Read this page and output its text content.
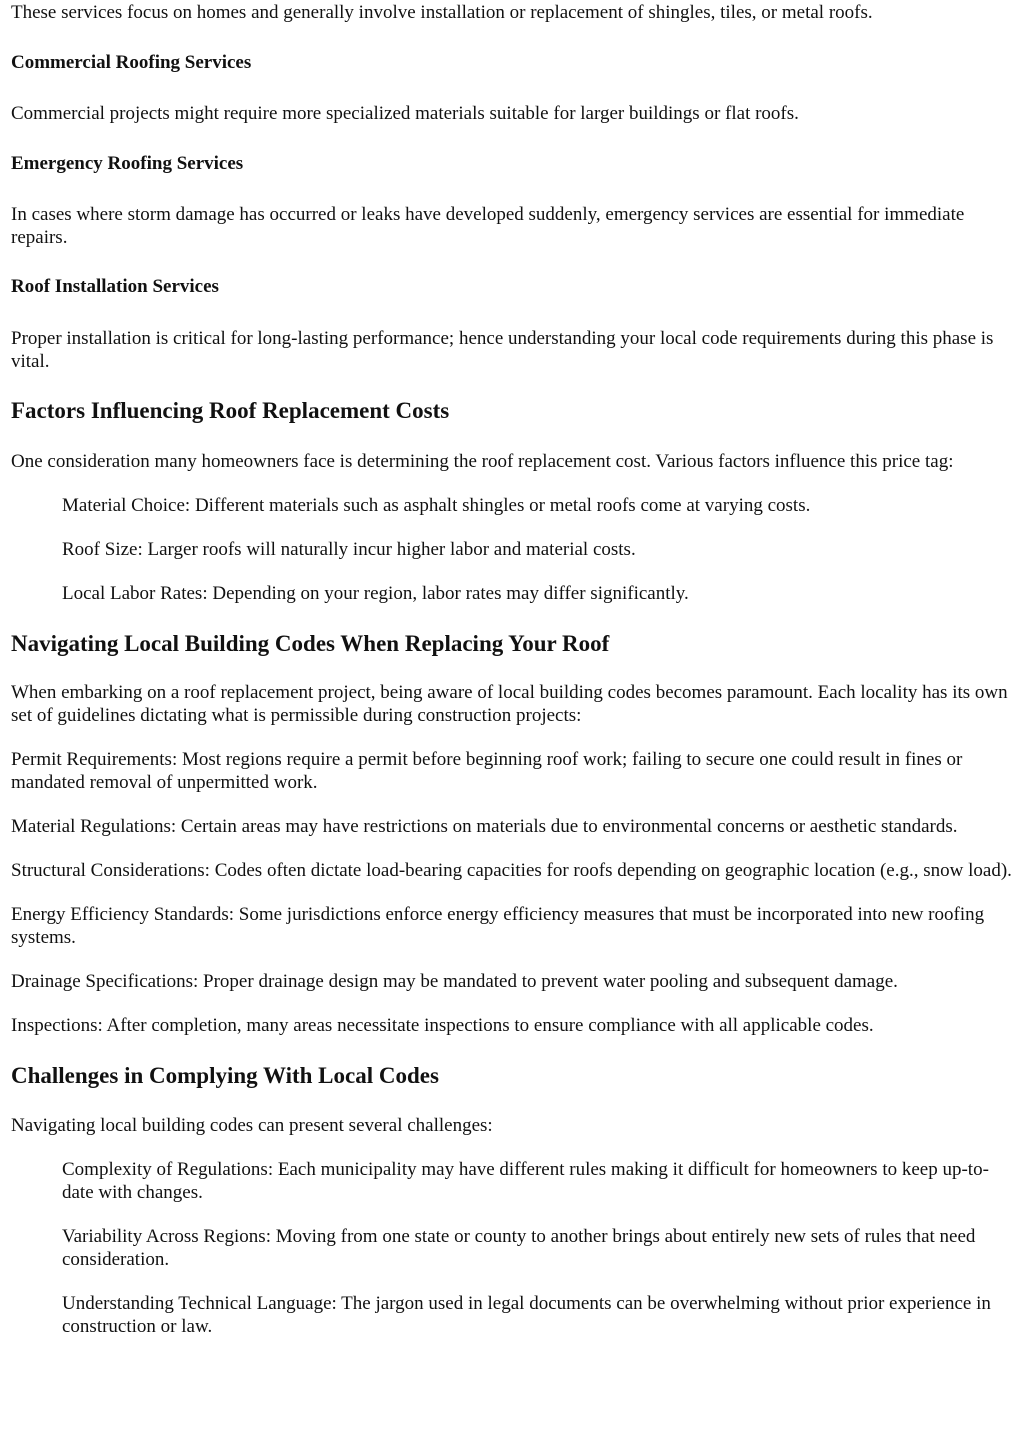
These services focus on homes and generally involve installation or replacement of shingles, tiles, or metal roofs.

Commercial Roofing Services

Commercial projects might require more specialized materials suitable for larger buildings or flat roofs.

Emergency Roofing Services

In cases where storm damage has occurred or leaks have developed suddenly, emergency services are essential for immediate repairs.

Roof Installation Services

Proper installation is critical for long-lasting performance; hence understanding your local code requirements during this phase is vital.

Factors Influencing Roof Replacement Costs

One consideration many homeowners face is determining the roof replacement cost. Various factors influence this price tag:

Material Choice: Different materials such as asphalt shingles or metal roofs come at varying costs.
Roof Size: Larger roofs will naturally incur higher labor and material costs.
Local Labor Rates: Depending on your region, labor rates may differ significantly.

Navigating Local Building Codes When Replacing Your Roof

When embarking on a roof replacement project, being aware of local building codes becomes paramount. Each locality has its own set of guidelines dictating what is permissible during construction projects:

Permit Requirements: Most regions require a permit before beginning roof work; failing to secure one could result in fines or mandated removal of unpermitted work.

Material Regulations: Certain areas may have restrictions on materials due to environmental concerns or aesthetic standards.

Structural Considerations: Codes often dictate load-bearing capacities for roofs depending on geographic location (e.g., snow load).

Energy Efficiency Standards: Some jurisdictions enforce energy efficiency measures that must be incorporated into new roofing systems.

Drainage Specifications: Proper drainage design may be mandated to prevent water pooling and subsequent damage.

Inspections: After completion, many areas necessitate inspections to ensure compliance with all applicable codes.

Challenges in Complying With Local Codes

Navigating local building codes can present several challenges:

Complexity of Regulations: Each municipality may have different rules making it difficult for homeowners to keep up-to-date with changes.
Variability Across Regions: Moving from one state or county to another brings about entirely new sets of rules that need consideration.
Understanding Technical Language: The jargon used in legal documents can be overwhelming without prior experience in construction or law.
